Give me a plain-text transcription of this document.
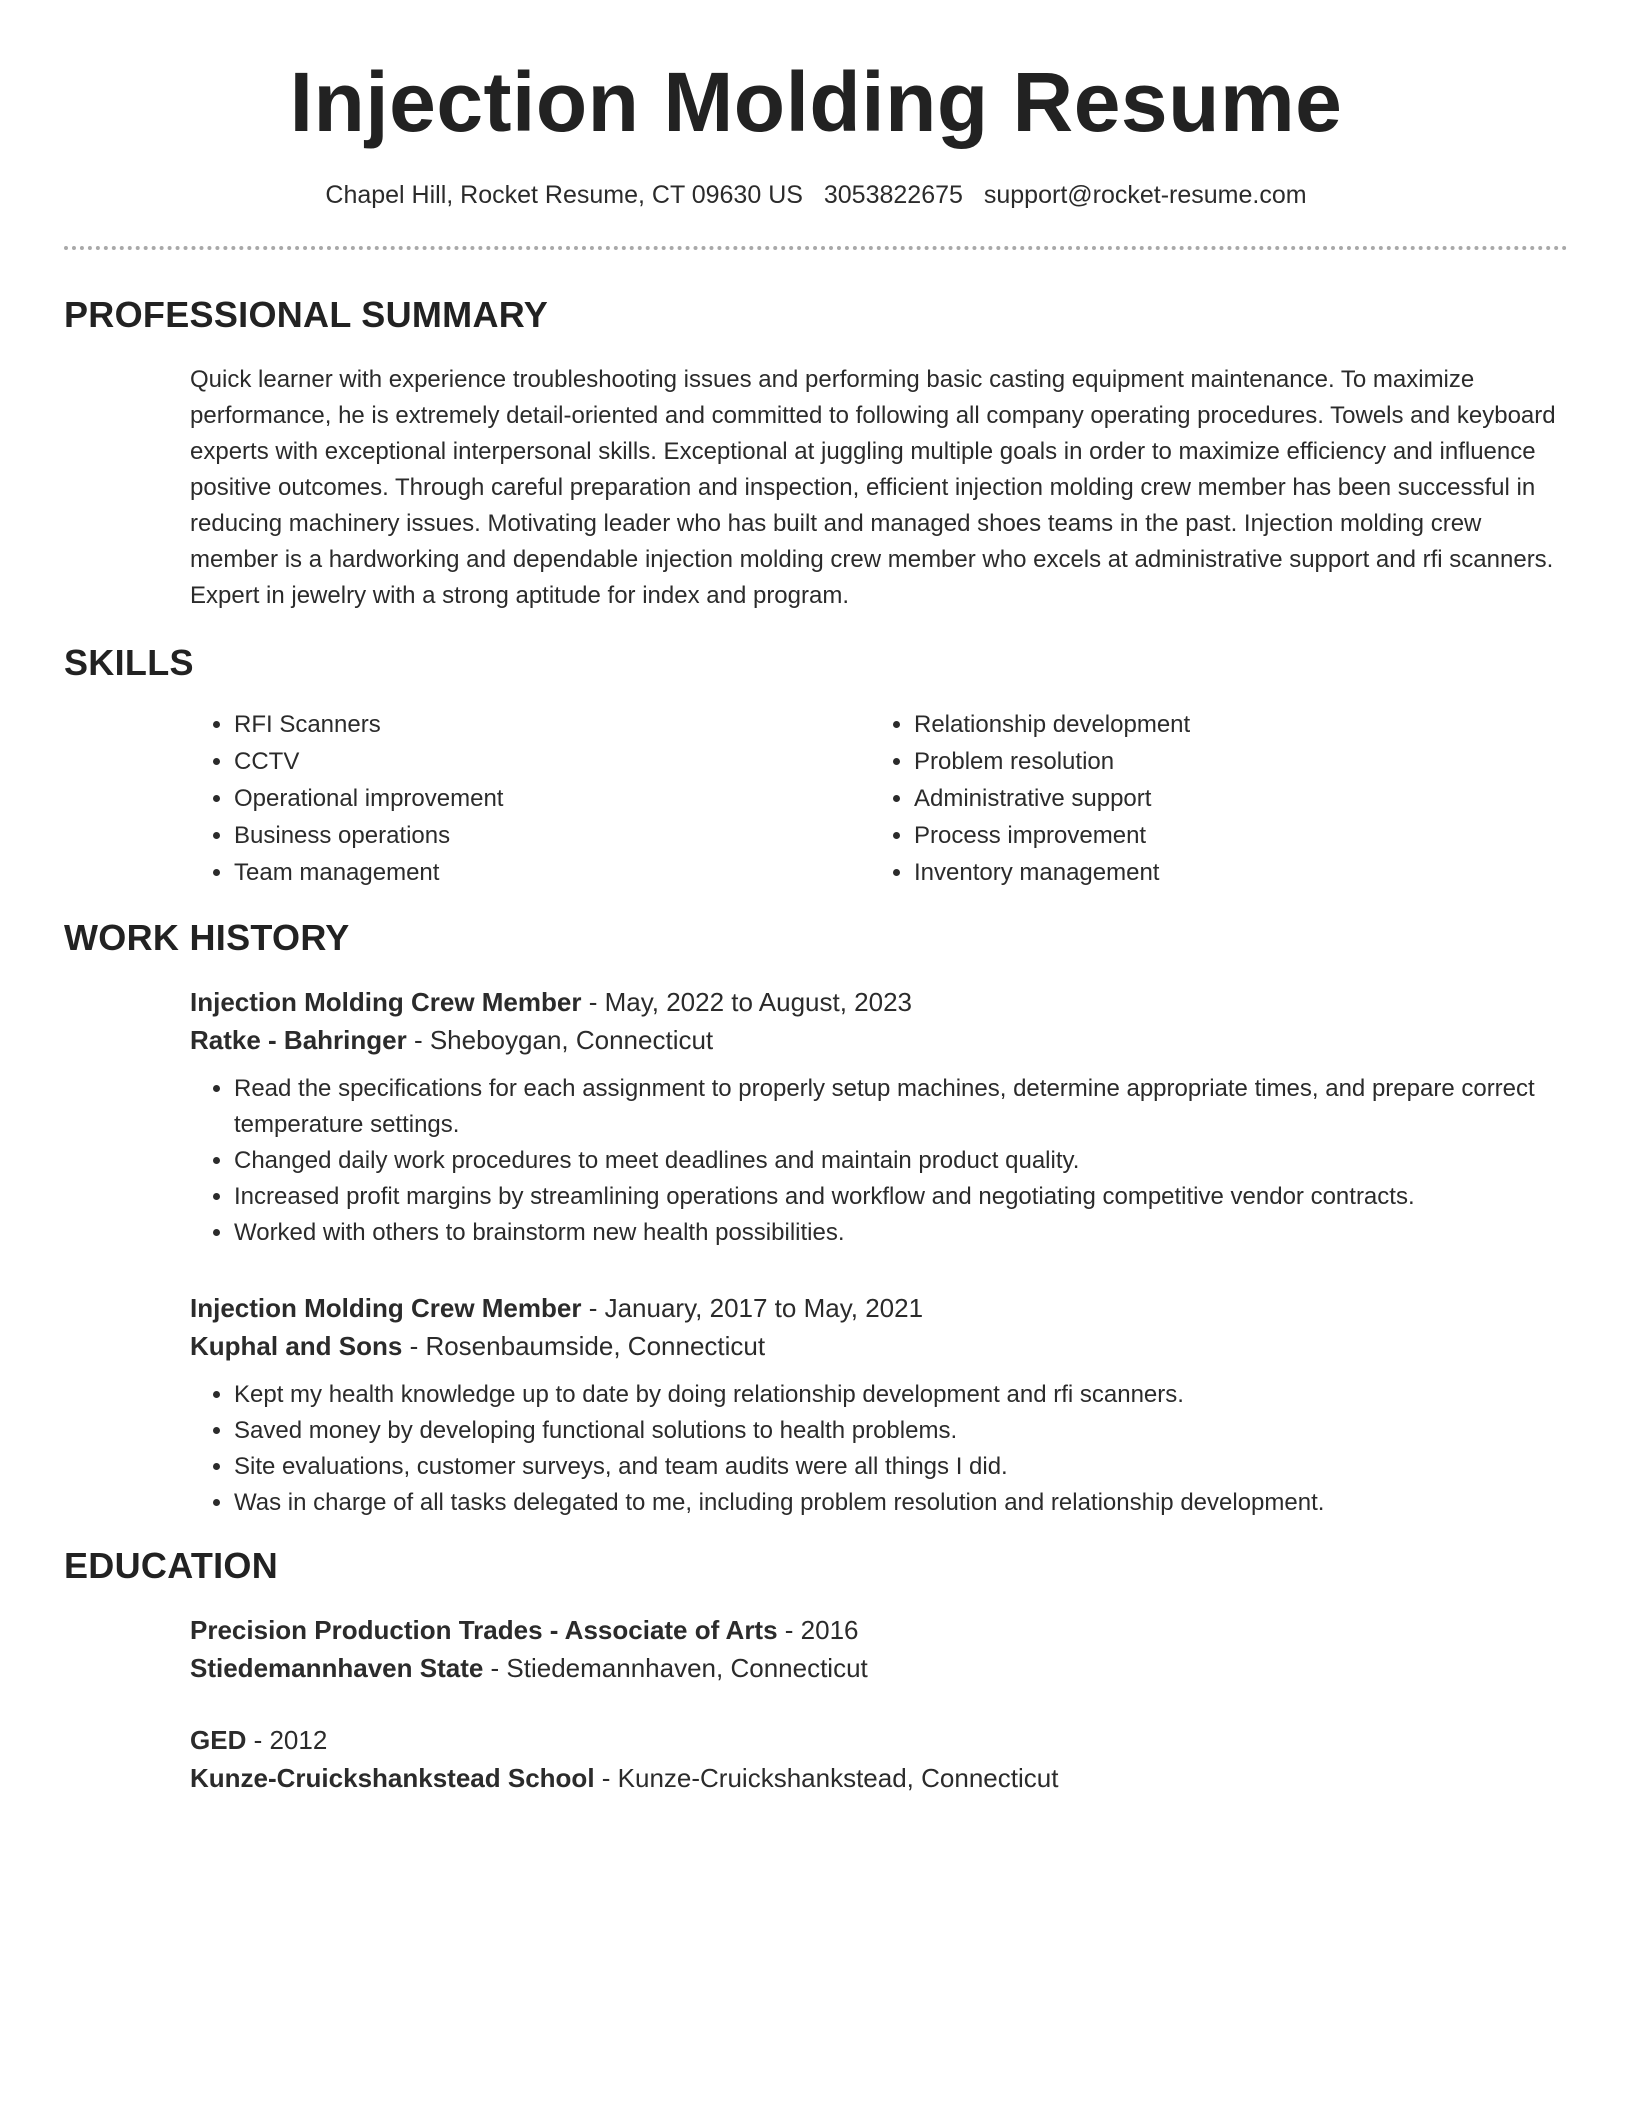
Injection Molding Resume
Chapel Hill, Rocket Resume, CT 09630 US 3053822675 support@rocket-resume.com
PROFESSIONAL SUMMARY

Quick learner with experience troubleshooting issues and performing basic casting equipment maintenance. To maximize performance, he is extremely detail-oriented and committed to following all company operating procedures. Towels and keyboard experts with exceptional interpersonal skills. Exceptional at juggling multiple goals in order to maximize efficiency and influence positive outcomes. Through careful preparation and inspection, efficient injection molding crew member has been successful in reducing machinery issues. Motivating leader who has built and managed shoes teams in the past. Injection molding crew member is a hardworking and dependable injection molding crew member who excels at administrative support and rfi scanners. Expert in jewelry with a strong aptitude for index and program.

SKILLS
• RFI Scanners
• CCTV
• Operational improvement
• Business operations
• Team management
• Relationship development
• Problem resolution
• Administrative support
• Process improvement
• Inventory management
WORK HISTORY
Injection Molding Crew Member - May, 2022 to August, 2023
Ratke - Bahringer - Sheboygan, Connecticut
• Read the specifications for each assignment to properly setup machines, determine appropriate times, and prepare correct temperature settings.
• Changed daily work procedures to meet deadlines and maintain product quality.
• Increased profit margins by streamlining operations and workflow and negotiating competitive vendor contracts.
• Worked with others to brainstorm new health possibilities.
Injection Molding Crew Member - January, 2017 to May, 2021
Kuphal and Sons - Rosenbaumside, Connecticut
• Kept my health knowledge up to date by doing relationship development and rfi scanners.
• Saved money by developing functional solutions to health problems.
• Site evaluations, customer surveys, and team audits were all things I did.
• Was in charge of all tasks delegated to me, including problem resolution and relationship development.
EDUCATION
Precision Production Trades - Associate of Arts - 2016
Stiedemannhaven State - Stiedemannhaven, Connecticut
GED - 2012
Kunze-Cruickshankstead School - Kunze-Cruickshankstead, Connecticut
